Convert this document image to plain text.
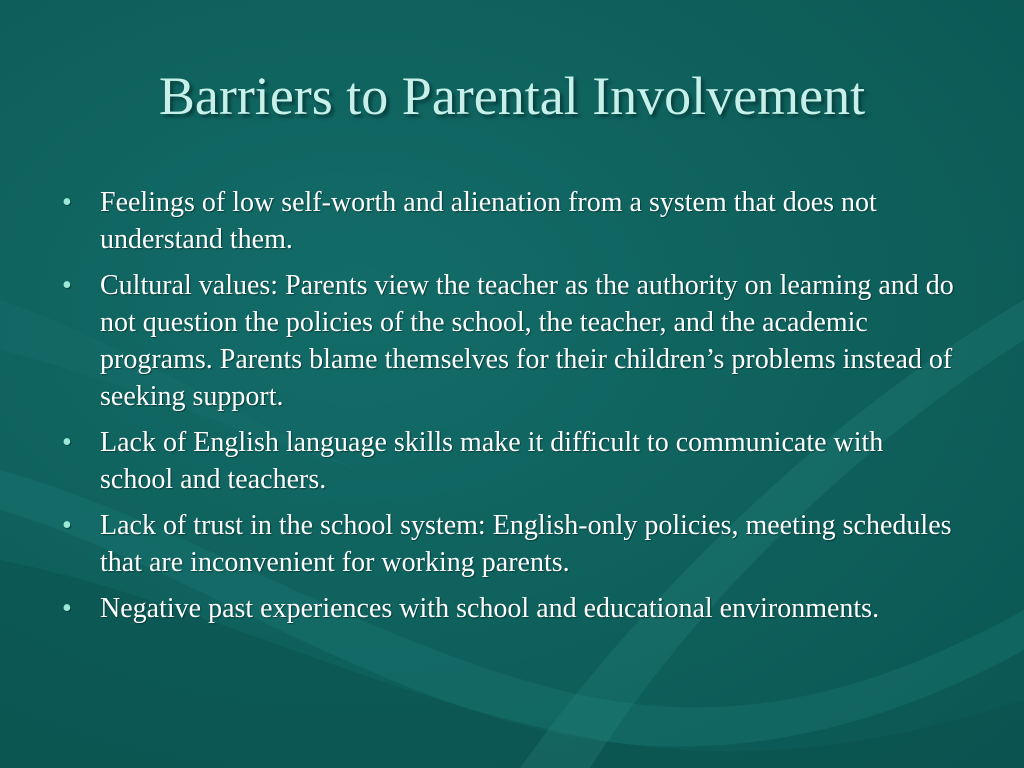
Barriers to Parental Involvement
• Feelings of low self-worth and alienation from a system that does not understand them.
• Cultural values: Parents view the teacher as the authority on learning and do not question the policies of the school, the teacher, and the academic programs. Parents blame themselves for their children’s problems instead of seeking support.
• Lack of English language skills make it difficult to communicate with school and teachers.
• Lack of trust in the school system: English-only policies, meeting schedules that are inconvenient for working parents.
• Negative past experiences with school and educational environments.
